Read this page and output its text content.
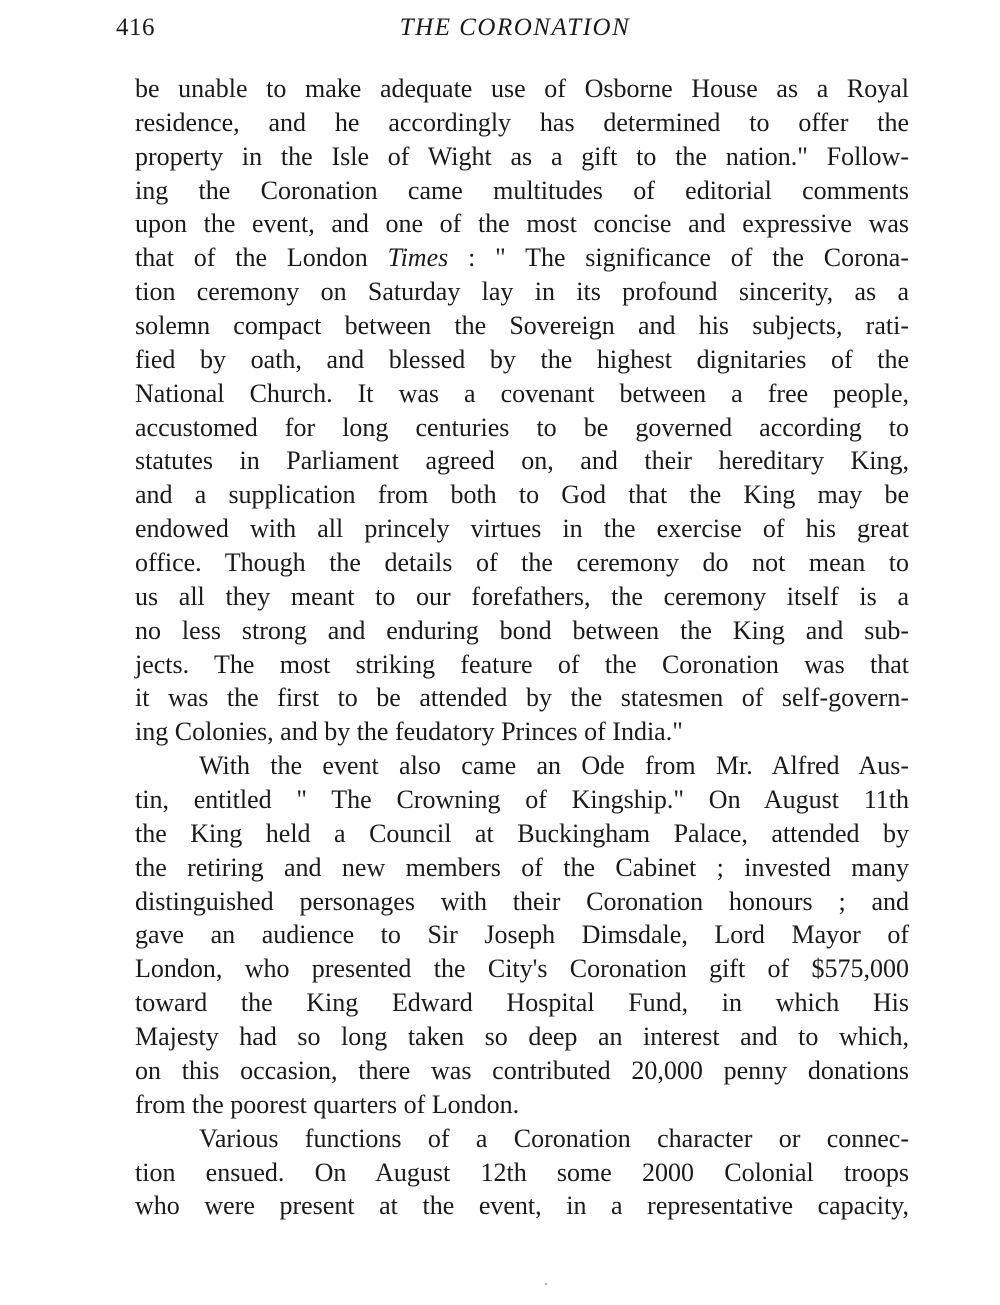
416	THE CORONATION
be unable to make adequate use of Osborne House as a Royal
residence, and he accordingly has determined to offer the
property in the Isle of Wight as a gift to the nation." Follow-
ing the Coronation came multitudes of editorial comments
upon the event, and one of the most concise and expressive was
that of the London Times : " The significance of the Corona-
tion ceremony on Saturday lay in its profound sincerity, as a
solemn compact between the Sovereign and his subjects, rati-
fied by oath, and blessed by the highest dignitaries of the
National Church. It was a covenant between a free people,
accustomed for long centuries to be governed according to
statutes in Parliament agreed on, and their hereditary King,
and a supplication from both to God that the King may be
endowed with all princely virtues in the exercise of his great
office. Though the details of the ceremony do not mean to
us all they meant to our forefathers, the ceremony itself is a
no less strong and enduring bond between the King and sub-
jects. The most striking feature of the Coronation was that
it was the first to be attended by the statesmen of self-govern-
ing Colonies, and by the feudatory Princes of India."
With the event also came an Ode from Mr. Alfred Aus-
tin, entitled " The Crowning of Kingship." On August 11th
the King held a Council at Buckingham Palace, attended by
the retiring and new members of the Cabinet ; invested many
distinguished personages with their Coronation honours ; and
gave an audience to Sir Joseph Dimsdale, Lord Mayor of
London, who presented the City's Coronation gift of $575,000
toward the King Edward Hospital Fund, in which His
Majesty had so long taken so deep an interest and to which,
on this occasion, there was contributed 20,000 penny donations
from the poorest quarters of London.
Various functions of a Coronation character or connec-
tion ensued. On August 12th some 2000 Colonial troops
who were present at the event, in a representative capacity,
